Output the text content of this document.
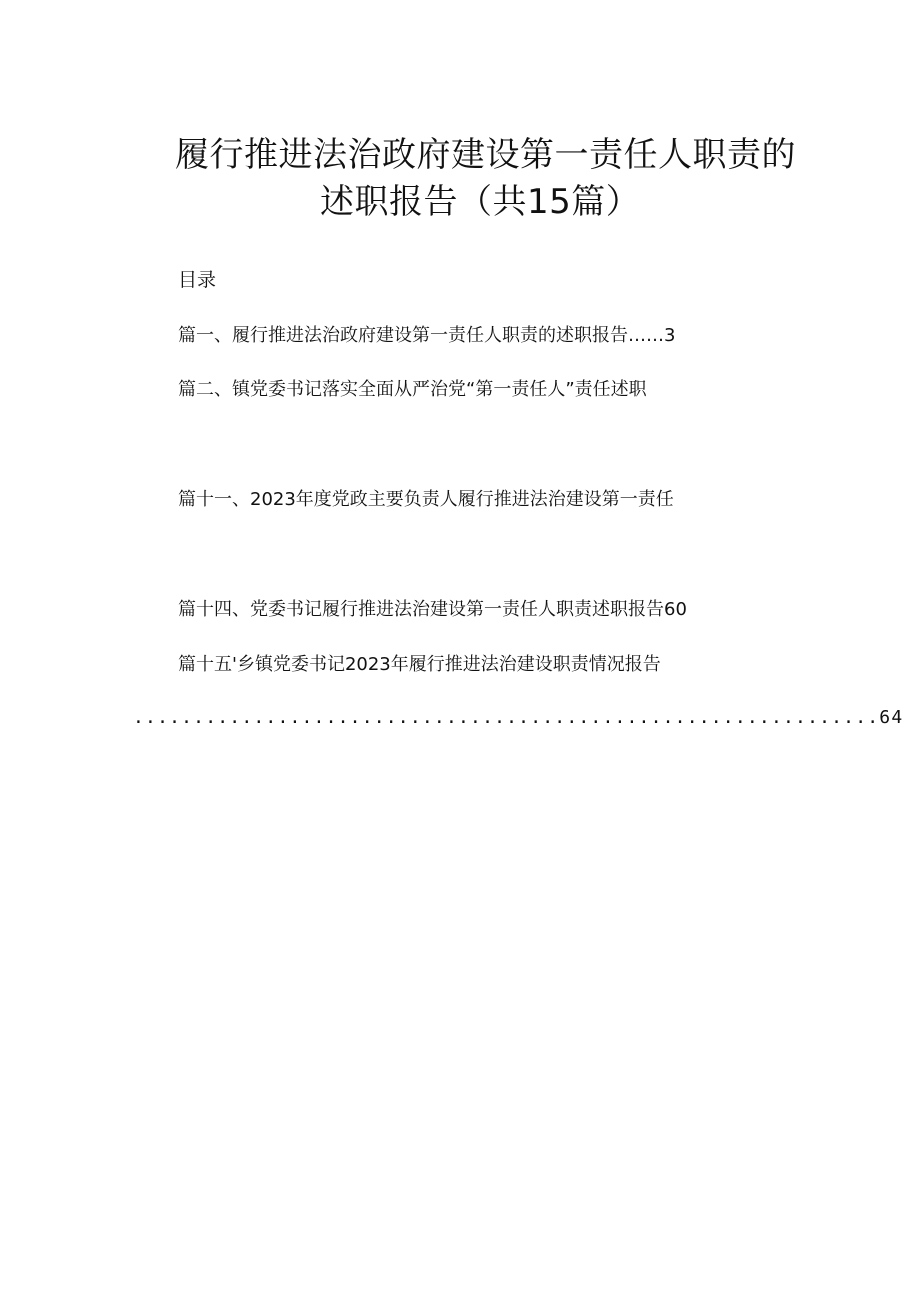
履行推进法治政府建设第一责任人职责的
述职报告（共15篇）
目录
篇一、履行推进法治政府建设第一责任人职责的述职报告……3
篇二、镇党委书记落实全面从严治党“第一责任人”责任述职
篇十一、2023年度党政主要负责人履行推进法治建设第一责任
篇十四、党委书记履行推进法治建设第一责任人职责述职报告60
篇十五'乡镇党委书记2023年履行推进法治建设职责情况报告
..............................................................64
